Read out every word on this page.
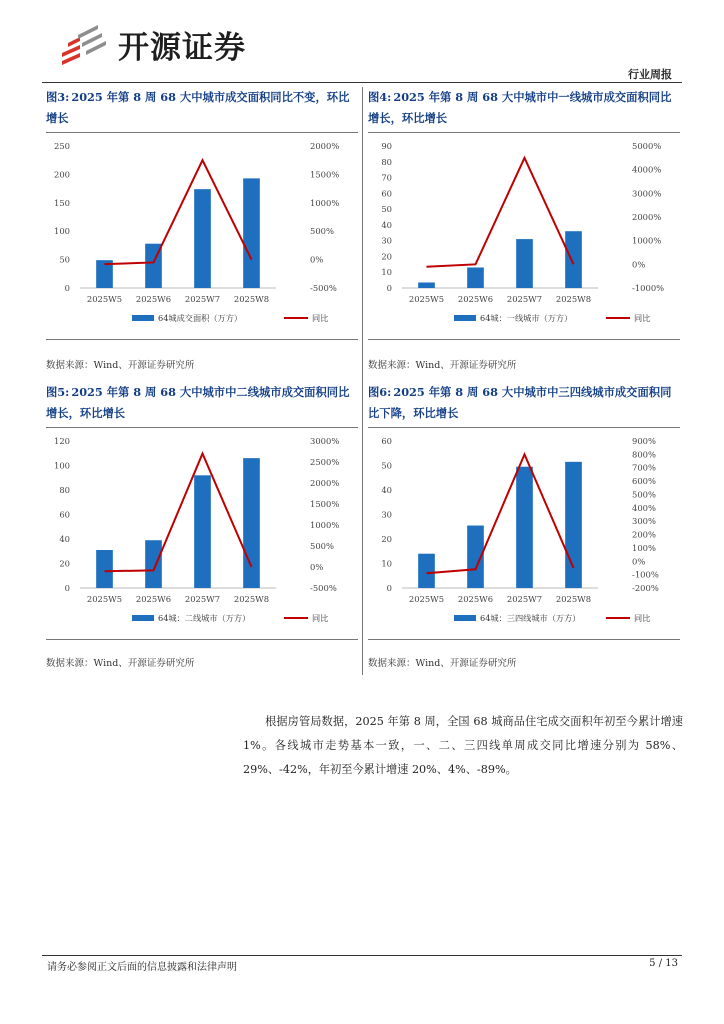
开源证券
行业周报
图3: 2025 年第 8 周 68 大中城市成交面积同比不变，环比增长
0
50
100
150
200
250
-500%
0%
500%
1000%
1500%
2000%
2025W5 2025W6 2025W7 2025W8
64城成交面积（万方）	同比
数据来源：Wind、开源证券研究所
图4: 2025 年第 8 周 68 大中城市中一线城市成交面积同比增长，环比增长
0
10
20
30
40
50
60
70
80
90
-1000%
0%
1000%
2000%
3000%
4000%
5000%
2025W5 2025W6 2025W7 2025W8
64城：一线城市（万方）	同比
数据来源：Wind、开源证券研究所
图5: 2025 年第 8 周 68 大中城市中二线城市成交面积同比增长，环比增长
0
20
40
60
80
100
120
-500%
0%
500%
1000%
1500%
2000%
2500%
3000%
2025W5 2025W6 2025W7 2025W8
64城：二线城市（万方）	同比
数据来源：Wind、开源证券研究所
图6: 2025 年第 8 周 68 大中城市中三四线城市成交面积同比下降，环比增长
0
10
20
30
40
50
60
-200%
-100%
0%
100%
200%
300%
400%
500%
600%
700%
800%
900%
2025W5 2025W6 2025W7 2025W8
64城：三四线城市（万方）	同比
数据来源：Wind、开源证券研究所
根据房管局数据，2025 年第 8 周，全国 68 城商品住宅成交面积年初至今累计增速 1%。各线城市走势基本一致，一、二、三四线单周成交同比增速分别为 58%、29%、-42%，年初至今累计增速 20%、4%、-89%。
请务必参阅正文后面的信息披露和法律声明	5 / 13
